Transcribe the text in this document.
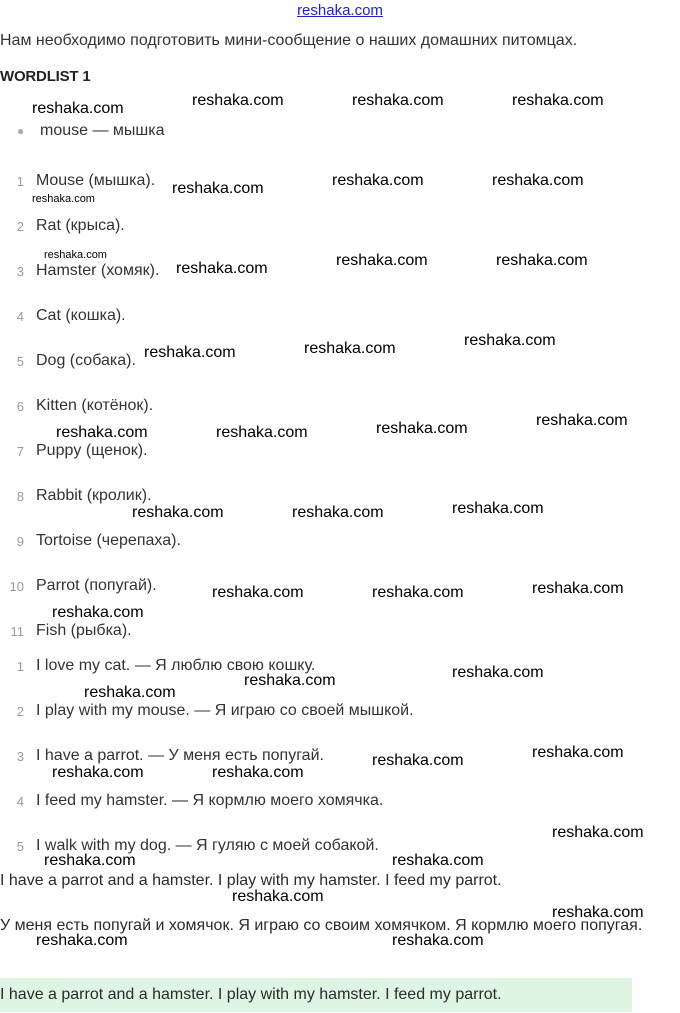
reshaka.com
Нам необходимо подготовить мини-сообщение о наших домашних питомцах.
WORDLIST 1
● mouse — мышка
1 Mouse (мышка).
2 Rat (крыса).
3 Hamster (хомяк).
4 Cat (кошка).
5 Dog (собака).
6 Kitten (котёнок).
7 Puppy (щенок).
8 Rabbit (кролик).
9 Tortoise (черепаха).
10 Parrot (попугай).
11 Fish (рыбка).
1 I love my cat. — Я люблю свою кошку.
2 I play with my mouse. — Я играю со своей мышкой.
3 I have a parrot. — У меня есть попугай.
4 I feed my hamster. — Я кормлю моего хомячка.
5 I walk with my dog. — Я гуляю с моей собакой.
I have a parrot and a hamster. I play with my hamster. I feed my parrot.
У меня есть попугай и хомячок. Я играю со своим хомячком. Я кормлю моего попугая.
I have a parrot and a hamster. I play with my hamster. I feed my parrot.
reshaka.com	reshaka.com	reshaka.com	reshaka.com
reshaka.com
reshaka.com	reshaka.com	reshaka.com
reshaka.com
reshaka.com	reshaka.com	reshaka.com
reshaka.com	reshaka.com	reshaka.com
reshaka.com	reshaka.com	reshaka.com	reshaka.com
reshaka.com	reshaka.com	reshaka.com
reshaka.com	reshaka.com	reshaka.com
reshaka.com
reshaka.com
reshaka.com
reshaka.com
reshaka.com
reshaka.com
reshaka.com	reshaka.com
reshaka.com
reshaka.com	reshaka.com
reshaka.com
reshaka.com
reshaka.com	reshaka.com
